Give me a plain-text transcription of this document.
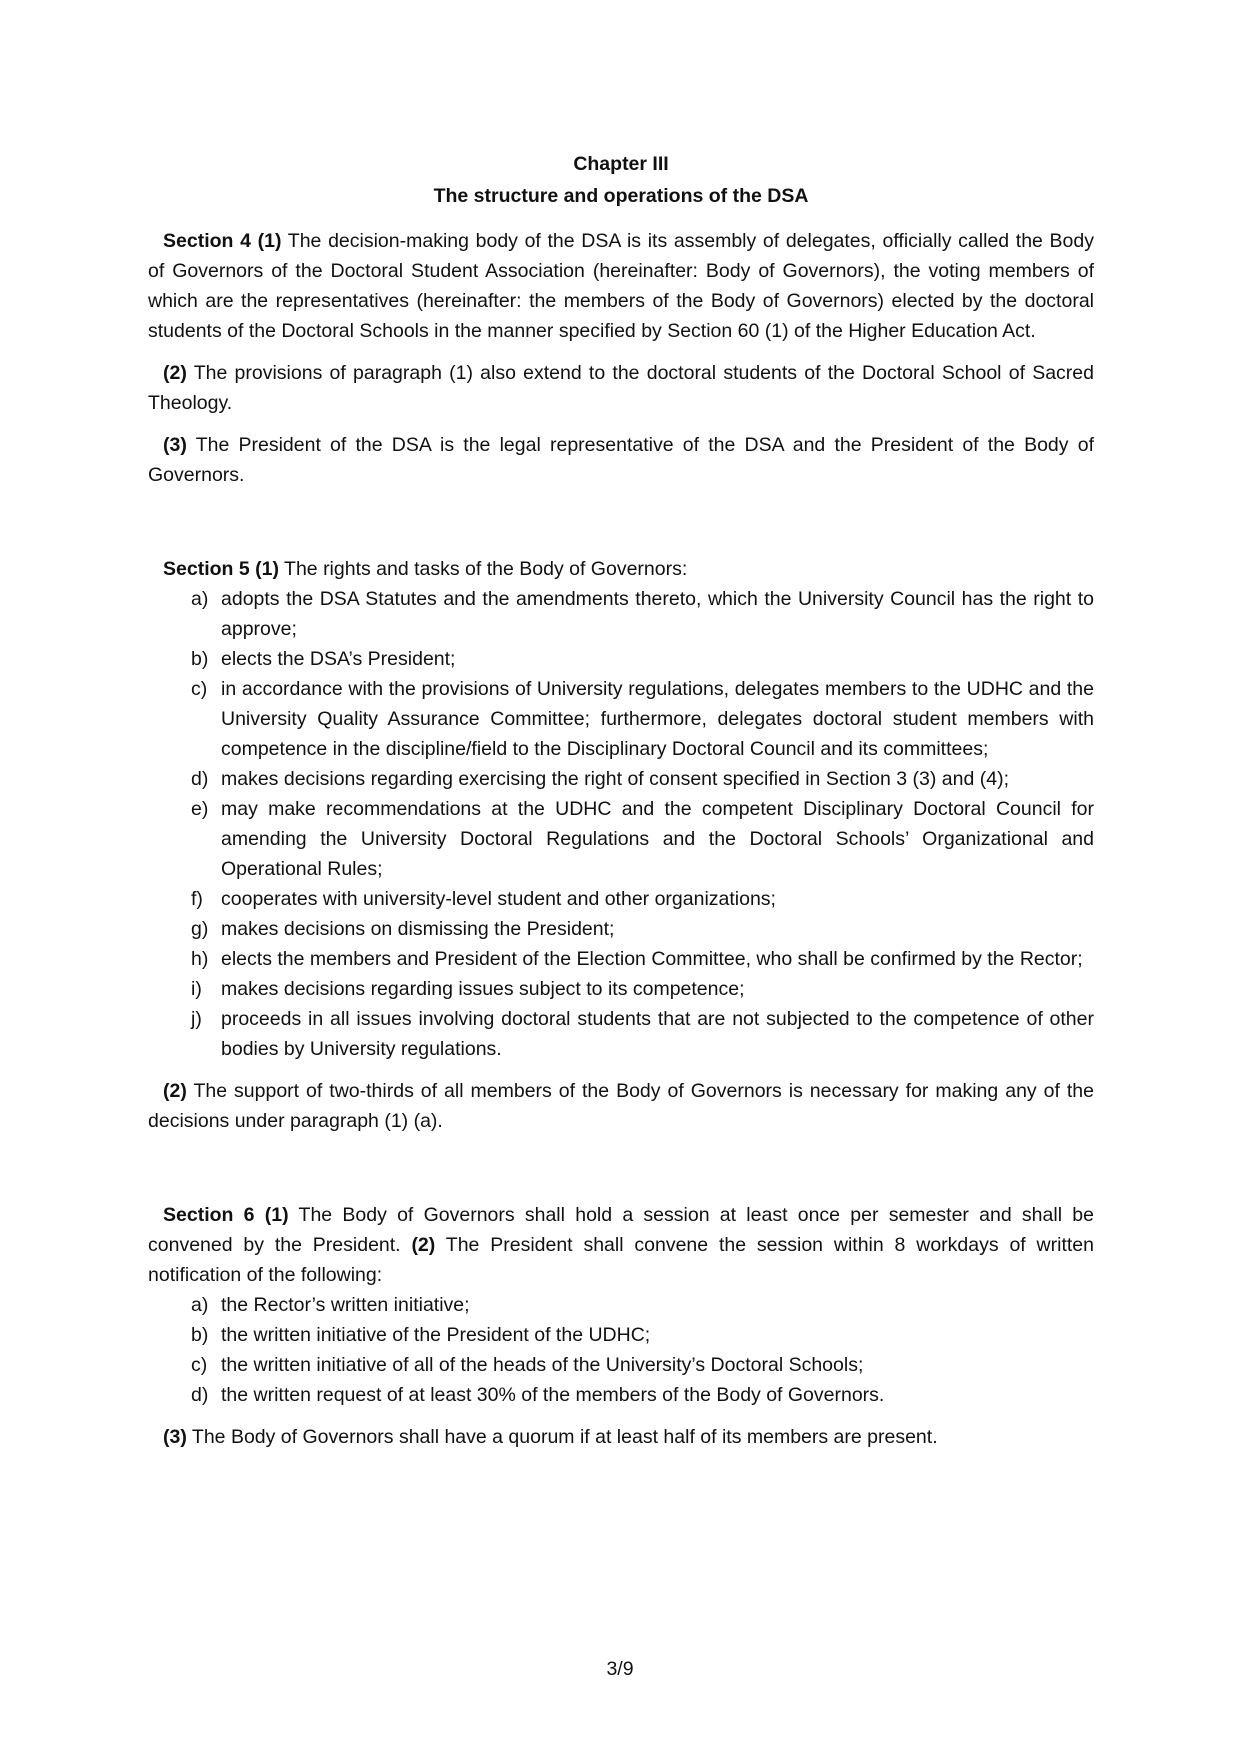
Chapter III
The structure and operations of the DSA

Section 4 (1) The decision-making body of the DSA is its assembly of delegates, officially called the Body of Governors of the Doctoral Student Association (hereinafter: Body of Governors), the voting members of which are the representatives (hereinafter: the members of the Body of Governors) elected by the doctoral students of the Doctoral Schools in the manner specified by Section 60 (1) of the Higher Education Act.

(2) The provisions of paragraph (1) also extend to the doctoral students of the Doctoral School of Sacred Theology.

(3) The President of the DSA is the legal representative of the DSA and the President of the Body of Governors.

Section 5 (1) The rights and tasks of the Body of Governors:

a) adopts the DSA Statutes and the amendments thereto, which the University Council has the right to approve;
b) elects the DSA’s President;
c) in accordance with the provisions of University regulations, delegates members to the UDHC and the University Quality Assurance Committee; furthermore, delegates doctoral student members with competence in the discipline/field to the Disciplinary Doctoral Council and its committees;
d) makes decisions regarding exercising the right of consent specified in Section 3 (3) and (4);
e) may make recommendations at the UDHC and the competent Disciplinary Doctoral Council for amending the University Doctoral Regulations and the Doctoral Schools’ Organizational and Operational Rules;
f) cooperates with university-level student and other organizations;
g) makes decisions on dismissing the President;
h) elects the members and President of the Election Committee, who shall be confirmed by the Rector;
i) makes decisions regarding issues subject to its competence;
j) proceeds in all issues involving doctoral students that are not subjected to the competence of other bodies by University regulations.

(2) The support of two-thirds of all members of the Body of Governors is necessary for making any of the decisions under paragraph (1) (a).

Section 6 (1) The Body of Governors shall hold a session at least once per semester and shall be convened by the President. (2) The President shall convene the session within 8 workdays of written notification of the following:

a) the Rector’s written initiative;
b) the written initiative of the President of the UDHC;
c) the written initiative of all of the heads of the University’s Doctoral Schools;
d) the written request of at least 30% of the members of the Body of Governors.

(3) The Body of Governors shall have a quorum if at least half of its members are present.

3/9
